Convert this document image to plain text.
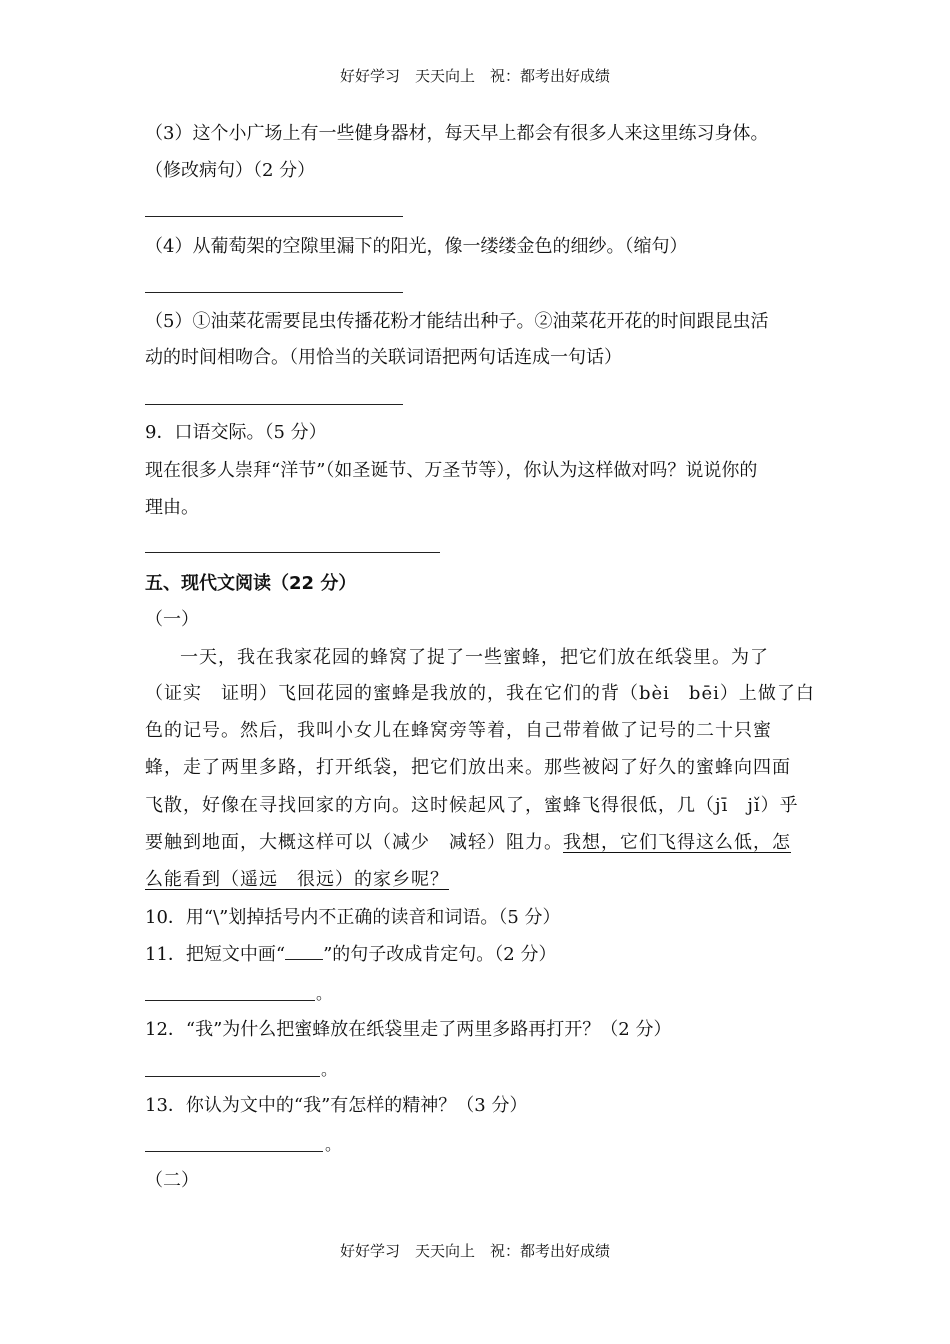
好好学习　天天向上　祝：都考出好成绩
（3）这个小广场上有一些健身器材，每天早上都会有很多人来这里练习身体。
（修改病句）（2 分）
（4）从葡萄架的空隙里漏下的阳光，像一缕缕金色的细纱。（缩句）
（5）①油菜花需要昆虫传播花粉才能结出种子。②油菜花开花的时间跟昆虫活
动的时间相吻合。（用恰当的关联词语把两句话连成一句话）
9．口语交际。（5 分）
现在很多人崇拜“洋节”（如圣诞节、万圣节等），你认为这样做对吗？说说你的
理由。
五、现代文阅读（22 分）
（一）
一天，我在我家花园的蜂窝了捉了一些蜜蜂，把它们放在纸袋里。为了
（证实　证明）飞回花园的蜜蜂是我放的，我在它们的背（bèi　bēi）上做了白
色的记号。然后，我叫小女儿在蜂窝旁等着，自己带着做了记号的二十只蜜
蜂，走了两里多路，打开纸袋，把它们放出来。那些被闷了好久的蜜蜂向四面
飞散，好像在寻找回家的方向。这时候起风了，蜜蜂飞得很低，几（jī　jǐ）乎
要触到地面，大概这样可以（减少　减轻）阻力。我想，它们飞得这么低，怎
么能看到（遥远　很远）的家乡呢？
10．用“\”划掉括号内不正确的读音和词语。（5 分）
11．把短文中画“ ”的句子改成肯定句。（2 分）
。
12．“我”为什么把蜜蜂放在纸袋里走了两里多路再打开？（2 分）
。
13．你认为文中的“我”有怎样的精神？（3 分）
。
（二）
好好学习　天天向上　祝：都考出好成绩
